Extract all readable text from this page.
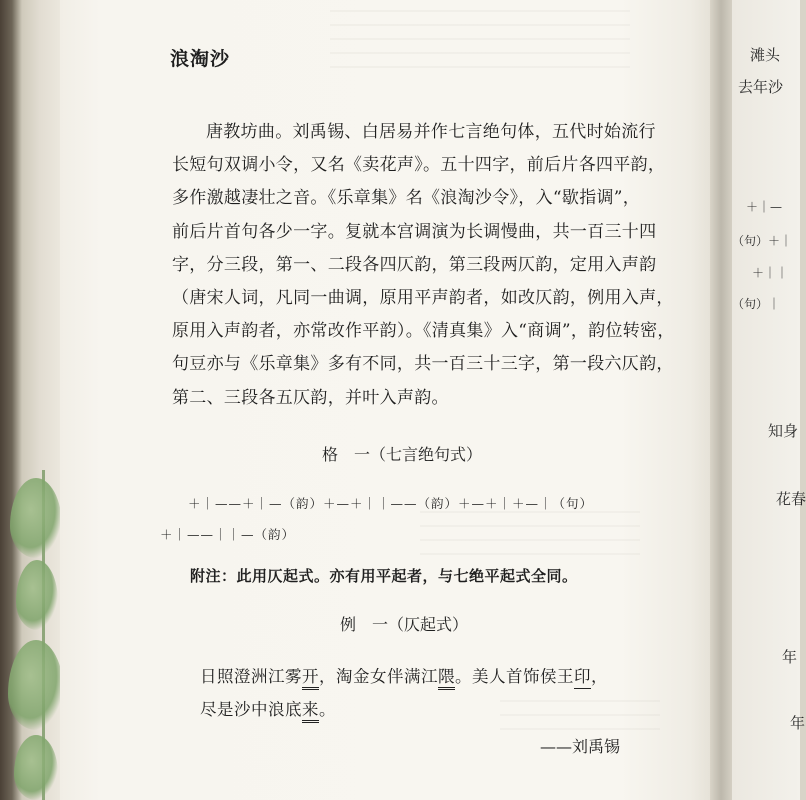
滩头
去年沙
＋｜—
（句）＋｜
＋｜｜
（句）｜
知身
花春
年
年
浪淘沙
唐教坊曲。刘禹锡、白居易并作七言绝句体，五代时始流行
长短句双调小令，又名《卖花声》。五十四字，前后片各四平韵，
多作激越凄壮之音。《乐章集》名《浪淘沙令》，入“歇指调”，
前后片首句各少一字。复就本宫调演为长调慢曲，共一百三十四
字，分三段，第一、二段各四仄韵，第三段两仄韵，定用入声韵
（唐宋人词，凡同一曲调，原用平声韵者，如改仄韵，例用入声，
原用入声韵者，亦常改作平韵）。《清真集》入“商调”，韵位转密，
句豆亦与《乐章集》多有不同，共一百三十三字，第一段六仄韵，
第二、三段各五仄韵，并叶入声韵。
格　一（七言绝句式）
＋｜——＋｜—（韵）＋—＋｜｜——（韵）＋—＋｜＋—｜（句）
＋｜——｜｜—（韵）
附注：此用仄起式。亦有用平起者，与七绝平起式全同。
例　一（仄起式）
日照澄洲江雾开，淘金女伴满江隈。美人首饰侯王印，
尽是沙中浪底来。
——刘禹锡
